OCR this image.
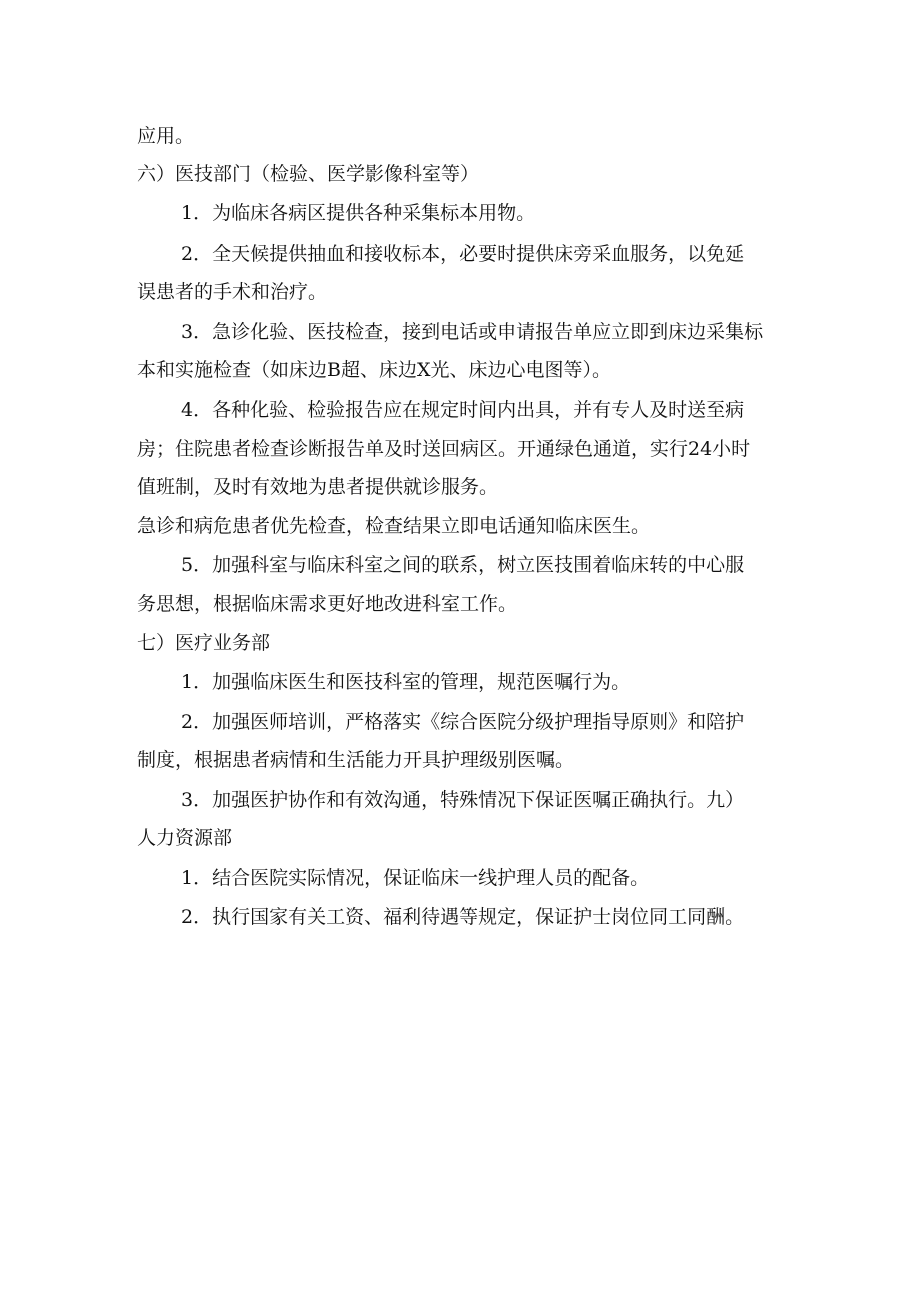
应用。
六）医技部门（检验、医学影像科室等）
1．为临床各病区提供各种采集标本用物。
2．全天候提供抽血和接收标本，必要时提供床旁采血服务，以免延
误患者的手术和治疗。
3．急诊化验、医技检查，接到电话或申请报告单应立即到床边采集标
本和实施检查（如床边B超、床边X光、床边心电图等）。
4．各种化验、检验报告应在规定时间内出具，并有专人及时送至病
房；住院患者检查诊断报告单及时送回病区。开通绿色通道，实行24小时
值班制，及时有效地为患者提供就诊服务。
急诊和病危患者优先检查，检查结果立即电话通知临床医生。
5．加强科室与临床科室之间的联系，树立医技围着临床转的中心服
务思想，根据临床需求更好地改进科室工作。
七）医疗业务部
1．加强临床医生和医技科室的管理，规范医嘱行为。
2．加强医师培训，严格落实《综合医院分级护理指导原则》和陪护
制度，根据患者病情和生活能力开具护理级别医嘱。
3．加强医护协作和有效沟通，特殊情况下保证医嘱正确执行。九）
人力资源部
1．结合医院实际情况，保证临床一线护理人员的配备。
2．执行国家有关工资、福利待遇等规定，保证护士岗位同工同酬。
